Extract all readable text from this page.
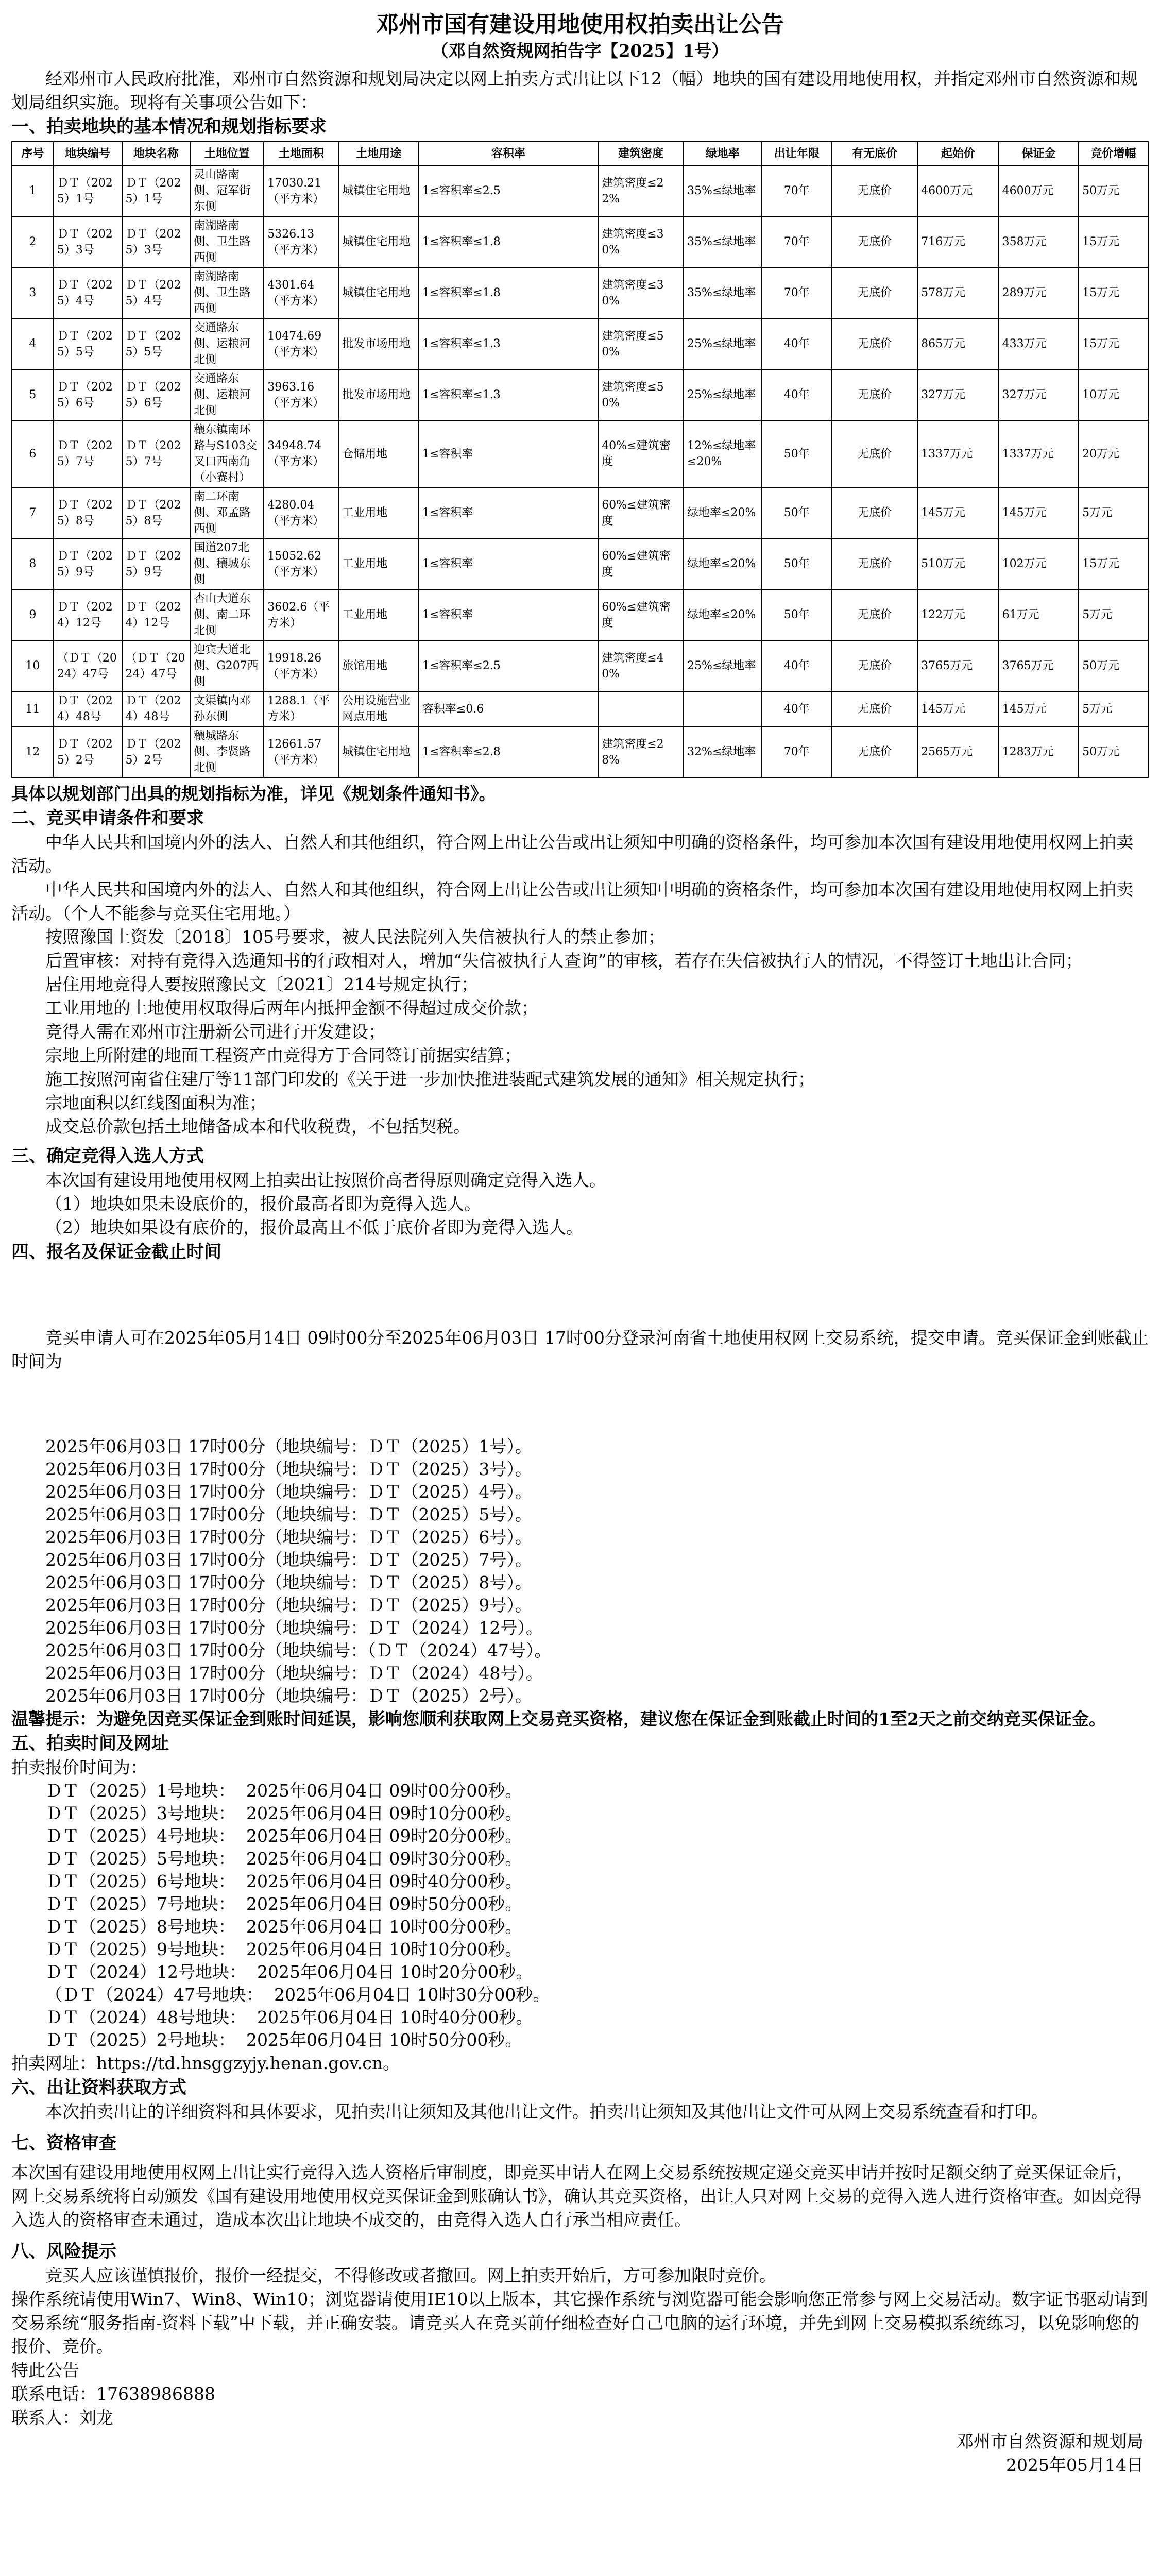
邓州市国有建设用地使用权拍卖出让公告
（邓自然资规网拍告字【2025】1号）

经邓州市人民政府批准，邓州市自然资源和规划局决定以网上拍卖方式出让以下12（幅）地块的国有建设用地使用权，并指定邓州市自然资源和规划局组织实施。现将有关事项公告如下：

一、拍卖地块的基本情况和规划指标要求
序号	地块编号	地块名称	土地位置	土地面积	土地用途	容积率	建筑密度	绿地率	出让年限	有无底价	起始价	保证金	竞价增幅
1	ＤＴ（2025）1号	ＤＴ（2025）1号	灵山路南侧、冠军街东侧	17030.21（平方米）	城镇住宅用地	1≤容积率≤2.5	建筑密度≤22%	35%≤绿地率	70年	无底价	4600万元	4600万元	50万元
2	ＤＴ（2025）3号	ＤＴ（2025）3号	南湖路南侧、卫生路西侧	5326.13（平方米）	城镇住宅用地	1≤容积率≤1.8	建筑密度≤30%	35%≤绿地率	70年	无底价	716万元	358万元	15万元
3	ＤＴ（2025）4号	ＤＴ（2025）4号	南湖路南侧、卫生路西侧	4301.64（平方米）	城镇住宅用地	1≤容积率≤1.8	建筑密度≤30%	35%≤绿地率	70年	无底价	578万元	289万元	15万元
4	ＤＴ（2025）5号	ＤＴ（2025）5号	交通路东侧、运粮河北侧	10474.69（平方米）	批发市场用地	1≤容积率≤1.3	建筑密度≤50%	25%≤绿地率	40年	无底价	865万元	433万元	15万元
5	ＤＴ（2025）6号	ＤＴ（2025）6号	交通路东侧、运粮河北侧	3963.16（平方米）	批发市场用地	1≤容积率≤1.3	建筑密度≤50%	25%≤绿地率	40年	无底价	327万元	327万元	10万元
6	ＤＴ（2025）7号	ＤＴ（2025）7号	穰东镇南环路与S103交叉口西南角（小赛村）	34948.74（平方米）	仓储用地	1≤容积率	40%≤建筑密度	12%≤绿地率≤20%	50年	无底价	1337万元	1337万元	20万元
7	ＤＴ（2025）8号	ＤＴ（2025）8号	南二环南侧、邓孟路西侧	4280.04（平方米）	工业用地	1≤容积率	60%≤建筑密度	绿地率≤20%	50年	无底价	145万元	145万元	5万元
8	ＤＴ（2025）9号	ＤＴ（2025）9号	国道207北侧、穰城东侧	15052.62（平方米）	工业用地	1≤容积率	60%≤建筑密度	绿地率≤20%	50年	无底价	510万元	102万元	15万元
9	ＤＴ（2024）12号	ＤＴ（2024）12号	杏山大道东侧、南二环北侧	3602.6（平方米）	工业用地	1≤容积率	60%≤建筑密度	绿地率≤20%	50年	无底价	122万元	61万元	5万元
10	（ＤＴ（2024）47号	（ＤＴ（2024）47号	迎宾大道北侧、G207西侧	19918.26（平方米）	旅馆用地	1≤容积率≤2.5	建筑密度≤40%	25%≤绿地率	40年	无底价	3765万元	3765万元	50万元
11	ＤＴ（2024）48号	ＤＴ（2024）48号	文渠镇内邓孙东侧	1288.1（平方米）	公用设施营业网点用地	容积率≤0.6			40年	无底价	145万元	145万元	5万元
12	ＤＴ（2025）2号	ＤＴ（2025）2号	穰城路东侧、李贤路北侧	12661.57（平方米）	城镇住宅用地	1≤容积率≤2.8	建筑密度≤28%	32%≤绿地率	70年	无底价	2565万元	1283万元	50万元

具体以规划部门出具的规划指标为准，详见《规划条件通知书》。

二、竞买申请条件和要求

中华人民共和国境内外的法人、自然人和其他组织，符合网上出让公告或出让须知中明确的资格条件，均可参加本次国有建设用地使用权网上拍卖活动。

中华人民共和国境内外的法人、自然人和其他组织，符合网上出让公告或出让须知中明确的资格条件，均可参加本次国有建设用地使用权网上拍卖活动。（个人不能参与竞买住宅用地。）

按照豫国土资发〔2018〕105号要求，被人民法院列入失信被执行人的禁止参加；

后置审核：对持有竞得入选通知书的行政相对人，增加“失信被执行人查询”的审核，若存在失信被执行人的情况，不得签订土地出让合同；

居住用地竞得人要按照豫民文〔2021〕214号规定执行；

工业用地的土地使用权取得后两年内抵押金额不得超过成交价款；

竞得人需在邓州市注册新公司进行开发建设；

宗地上所附建的地面工程资产由竞得方于合同签订前据实结算；

施工按照河南省住建厅等11部门印发的《关于进一步加快推进装配式建筑发展的通知》相关规定执行；

宗地面积以红线图面积为准；

成交总价款包括土地储备成本和代收税费，不包括契税。

三、确定竞得入选人方式

本次国有建设用地使用权网上拍卖出让按照价高者得原则确定竞得入选人。

（1）地块如果未设底价的，报价最高者即为竞得入选人。

（2）地块如果设有底价的，报价最高且不低于底价者即为竞得入选人。

四、报名及保证金截止时间

竞买申请人可在2025年05月14日 09时00分至2025年06月03日 17时00分登录河南省土地使用权网上交易系统，提交申请。竞买保证金到账截止时间为

2025年06月03日 17时00分（地块编号：ＤＴ（2025）1号）。

2025年06月03日 17时00分（地块编号：ＤＴ（2025）3号）。

2025年06月03日 17时00分（地块编号：ＤＴ（2025）4号）。

2025年06月03日 17时00分（地块编号：ＤＴ（2025）5号）。

2025年06月03日 17时00分（地块编号：ＤＴ（2025）6号）。

2025年06月03日 17时00分（地块编号：ＤＴ（2025）7号）。

2025年06月03日 17时00分（地块编号：ＤＴ（2025）8号）。

2025年06月03日 17时00分（地块编号：ＤＴ（2025）9号）。

2025年06月03日 17时00分（地块编号：ＤＴ（2024）12号）。

2025年06月03日 17时00分（地块编号：（ＤＴ（2024）47号）。

2025年06月03日 17时00分（地块编号：ＤＴ（2024）48号）。

2025年06月03日 17时00分（地块编号：ＤＴ（2025）2号）。

温馨提示：为避免因竞买保证金到账时间延误，影响您顺利获取网上交易竞买资格，建议您在保证金到账截止时间的1至2天之前交纳竞买保证金。

五、拍卖时间及网址

拍卖报价时间为：

ＤＴ（2025）1号地块：  2025年06月04日 09时00分00秒。

ＤＴ（2025）3号地块：  2025年06月04日 09时10分00秒。

ＤＴ（2025）4号地块：  2025年06月04日 09时20分00秒。

ＤＴ（2025）5号地块：  2025年06月04日 09时30分00秒。

ＤＴ（2025）6号地块：  2025年06月04日 09时40分00秒。

ＤＴ（2025）7号地块：  2025年06月04日 09时50分00秒。

ＤＴ（2025）8号地块：  2025年06月04日 10时00分00秒。

ＤＴ（2025）9号地块：  2025年06月04日 10时10分00秒。

ＤＴ（2024）12号地块：  2025年06月04日 10时20分00秒。

（ＤＴ（2024）47号地块：  2025年06月04日 10时30分00秒。

ＤＴ（2024）48号地块：  2025年06月04日 10时40分00秒。

ＤＴ（2025）2号地块：  2025年06月04日 10时50分00秒。

拍卖网址：https://td.hnsggzyjy.henan.gov.cn。

六、出让资料获取方式

本次拍卖出让的详细资料和具体要求，见拍卖出让须知及其他出让文件。拍卖出让须知及其他出让文件可从网上交易系统查看和打印。

七、资格审查

本次国有建设用地使用权网上出让实行竞得入选人资格后审制度，即竞买申请人在网上交易系统按规定递交竞买申请并按时足额交纳了竞买保证金后，网上交易系统将自动颁发《国有建设用地使用权竞买保证金到账确认书》，确认其竞买资格，出让人只对网上交易的竞得入选人进行资格审查。如因竞得入选人的资格审查未通过，造成本次出让地块不成交的，由竞得入选人自行承当相应责任。

八、风险提示

竞买人应该谨慎报价，报价一经提交，不得修改或者撤回。网上拍卖开始后，方可参加限时竞价。

操作系统请使用Win7、Win8、Win10；浏览器请使用IE10以上版本，其它操作系统与浏览器可能会影响您正常参与网上交易活动。数字证书驱动请到交易系统“服务指南-资料下载”中下载，并正确安装。请竞买人在竞买前仔细检查好自己电脑的运行环境，并先到网上交易模拟系统练习，以免影响您的报价、竞价。

特此公告

联系电话：17638986888

联系人：刘龙

邓州市自然资源和规划局

2025年05月14日
